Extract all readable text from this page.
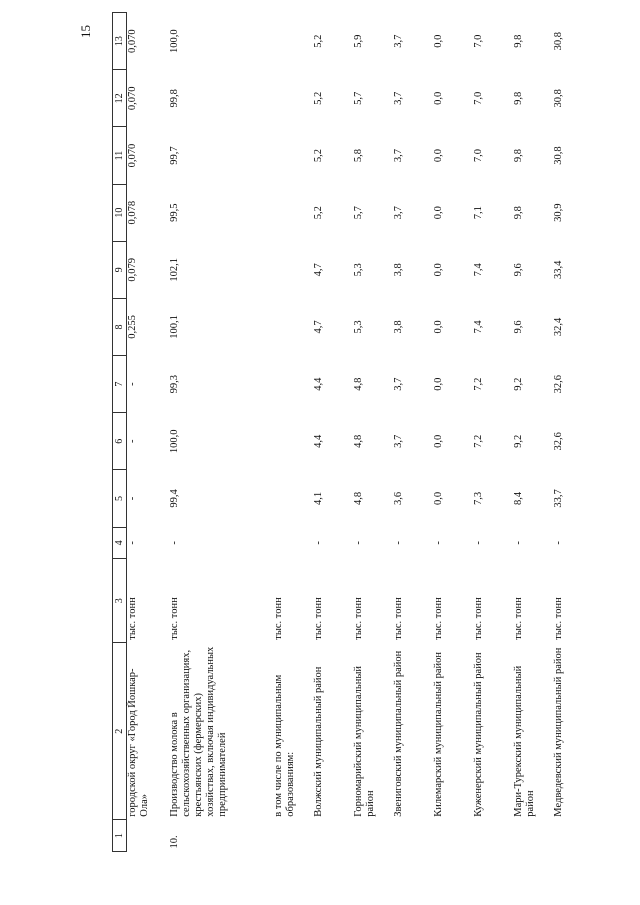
15
1	2	3	4	5	6	7	8	9	10	11	12	13
	городской округ «Город Йошкар-Ола»	тыс. тонн	-	-	-	-	0,255	0,079	0,078	0,070	0,070	0,070
10.	Производство молока в сельскохозяйственных организациях, крестьянских (фермерских) хозяйствах, включая индивидуальных предпринимателей	тыс. тонн	-	99,4	100,0	99,3	100,1	102,1	99,5	99,7	99,8	100,0
	в том числе по муниципальным образованиям:	тыс. тонн										
	Волжский муниципальный район	тыс. тонн	-	4,1	4,4	4,4	4,7	4,7	5,2	5,2	5,2	5,2
	Горномарийский муниципальный район	тыс. тонн	-	4,8	4,8	4,8	5,3	5,3	5,7	5,8	5,7	5,9
	Звениговский муниципальный район	тыс. тонн	-	3,6	3,7	3,7	3,8	3,8	3,7	3,7	3,7	3,7
	Килемарский муниципальный район	тыс. тонн	-	0,0	0,0	0,0	0,0	0,0	0,0	0,0	0,0	0,0
	Куженерский муниципальный район	тыс. тонн	-	7,3	7,2	7,2	7,4	7,4	7,1	7,0	7,0	7,0
	Мари-Турекский муниципальный район	тыс. тонн	-	8,4	9,2	9,2	9,6	9,6	9,8	9,8	9,8	9,8
	Медведевский муниципальный район	тыс. тонн	-	33,7	32,6	32,6	32,4	33,4	30,9	30,8	30,8	30,8
